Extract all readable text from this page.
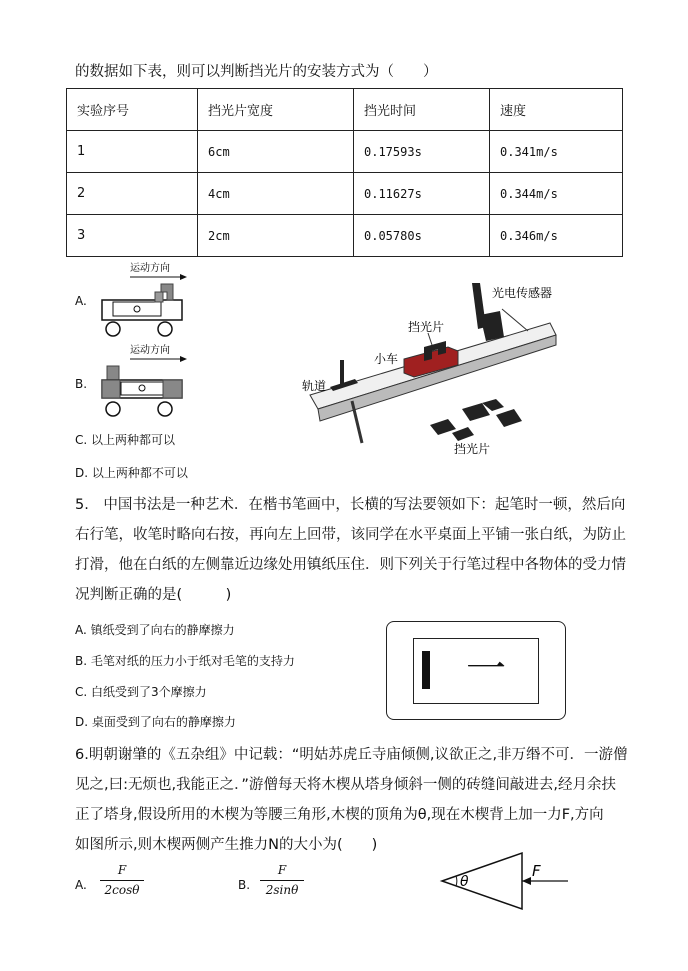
的数据如下表，则可以判断挡光片的安装方式为（　　）
实验序号	挡光片宽度	挡光时间	速度
1	6cm	0.17593s	0.341m/s
2	4cm	0.11627s	0.344m/s
3	2cm	0.05780s	0.346m/s
A.
运动方向
B.
运动方向
光电传感器
挡光片
小车
轨道
挡光片
C. 以上两种都可以
D. 以上两种都不可以
5.　中国书法是一种艺术．在楷书笔画中，长横的写法要领如下：起笔时一顿，然后向
右行笔，收笔时略向右按，再向左上回带，该同学在水平桌面上平铺一张白纸，为防止
打滑，他在白纸的左侧靠近边缘处用镇纸压住．则下列关于行笔过程中各物体的受力情
况判断正确的是(　　　)
A. 镇纸受到了向右的静摩擦力
B. 毛笔对纸的压力小于纸对毛笔的支持力
C. 白纸受到了3个摩擦力
D. 桌面受到了向右的静摩擦力
一
6.明朝谢肇的《五杂组》中记载：“明姑苏虎丘寺庙倾侧,议欲正之,非万缗不可．一游僧
见之,曰:无烦也,我能正之．”游僧每天将木楔从塔身倾斜一侧的砖缝间敲进去,经月余扶
正了塔身,假设所用的木楔为等腰三角形,木楔的顶角为θ,现在木楔背上加一力F,方向
如图所示,则木楔两侧产生推力N的大小为(　　)
A.
F
2cosθ	B.
F
2sinθ	θ
F
